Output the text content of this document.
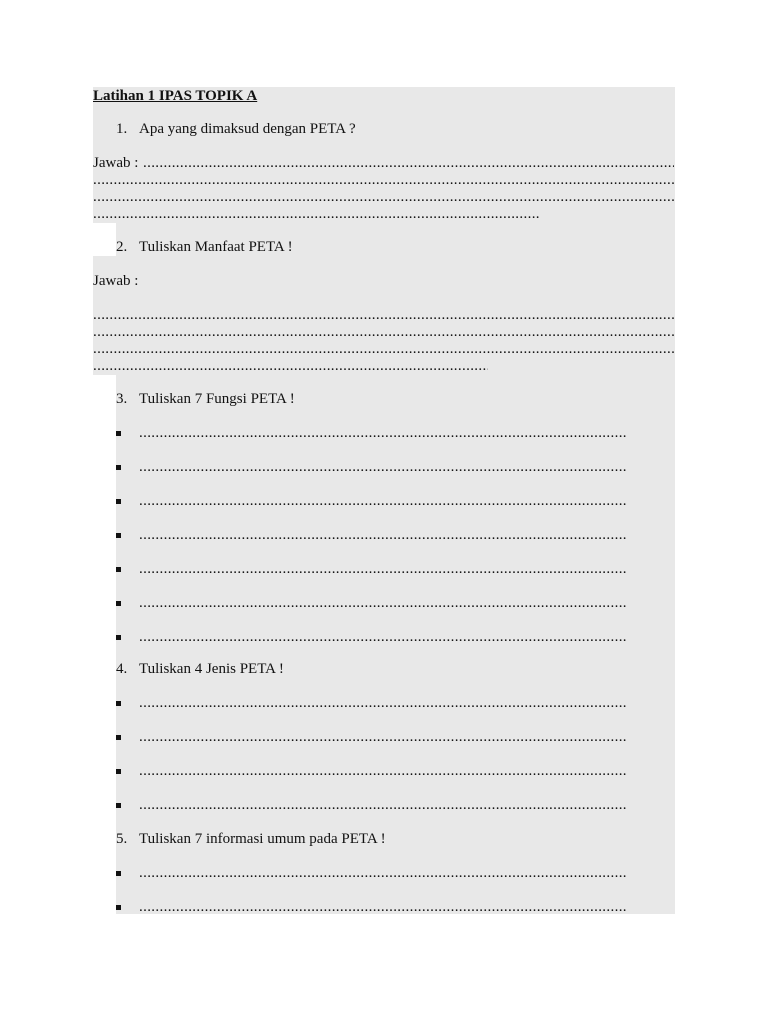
Latihan 1 IPAS TOPIK A
1. Apa yang dimaksud dengan PETA ?
Jawab :
.....
.....
.....
.....
2. Tuliskan Manfaat PETA !
Jawab :
.....
.....
.....
.....
3. Tuliskan 7 Fungsi PETA !
.....
.....
.....
.....
.....
.....
.....
4. Tuliskan 4 Jenis PETA !
.....
.....
.....
.....
5. Tuliskan 7 informasi umum pada PETA !
.....
.....
